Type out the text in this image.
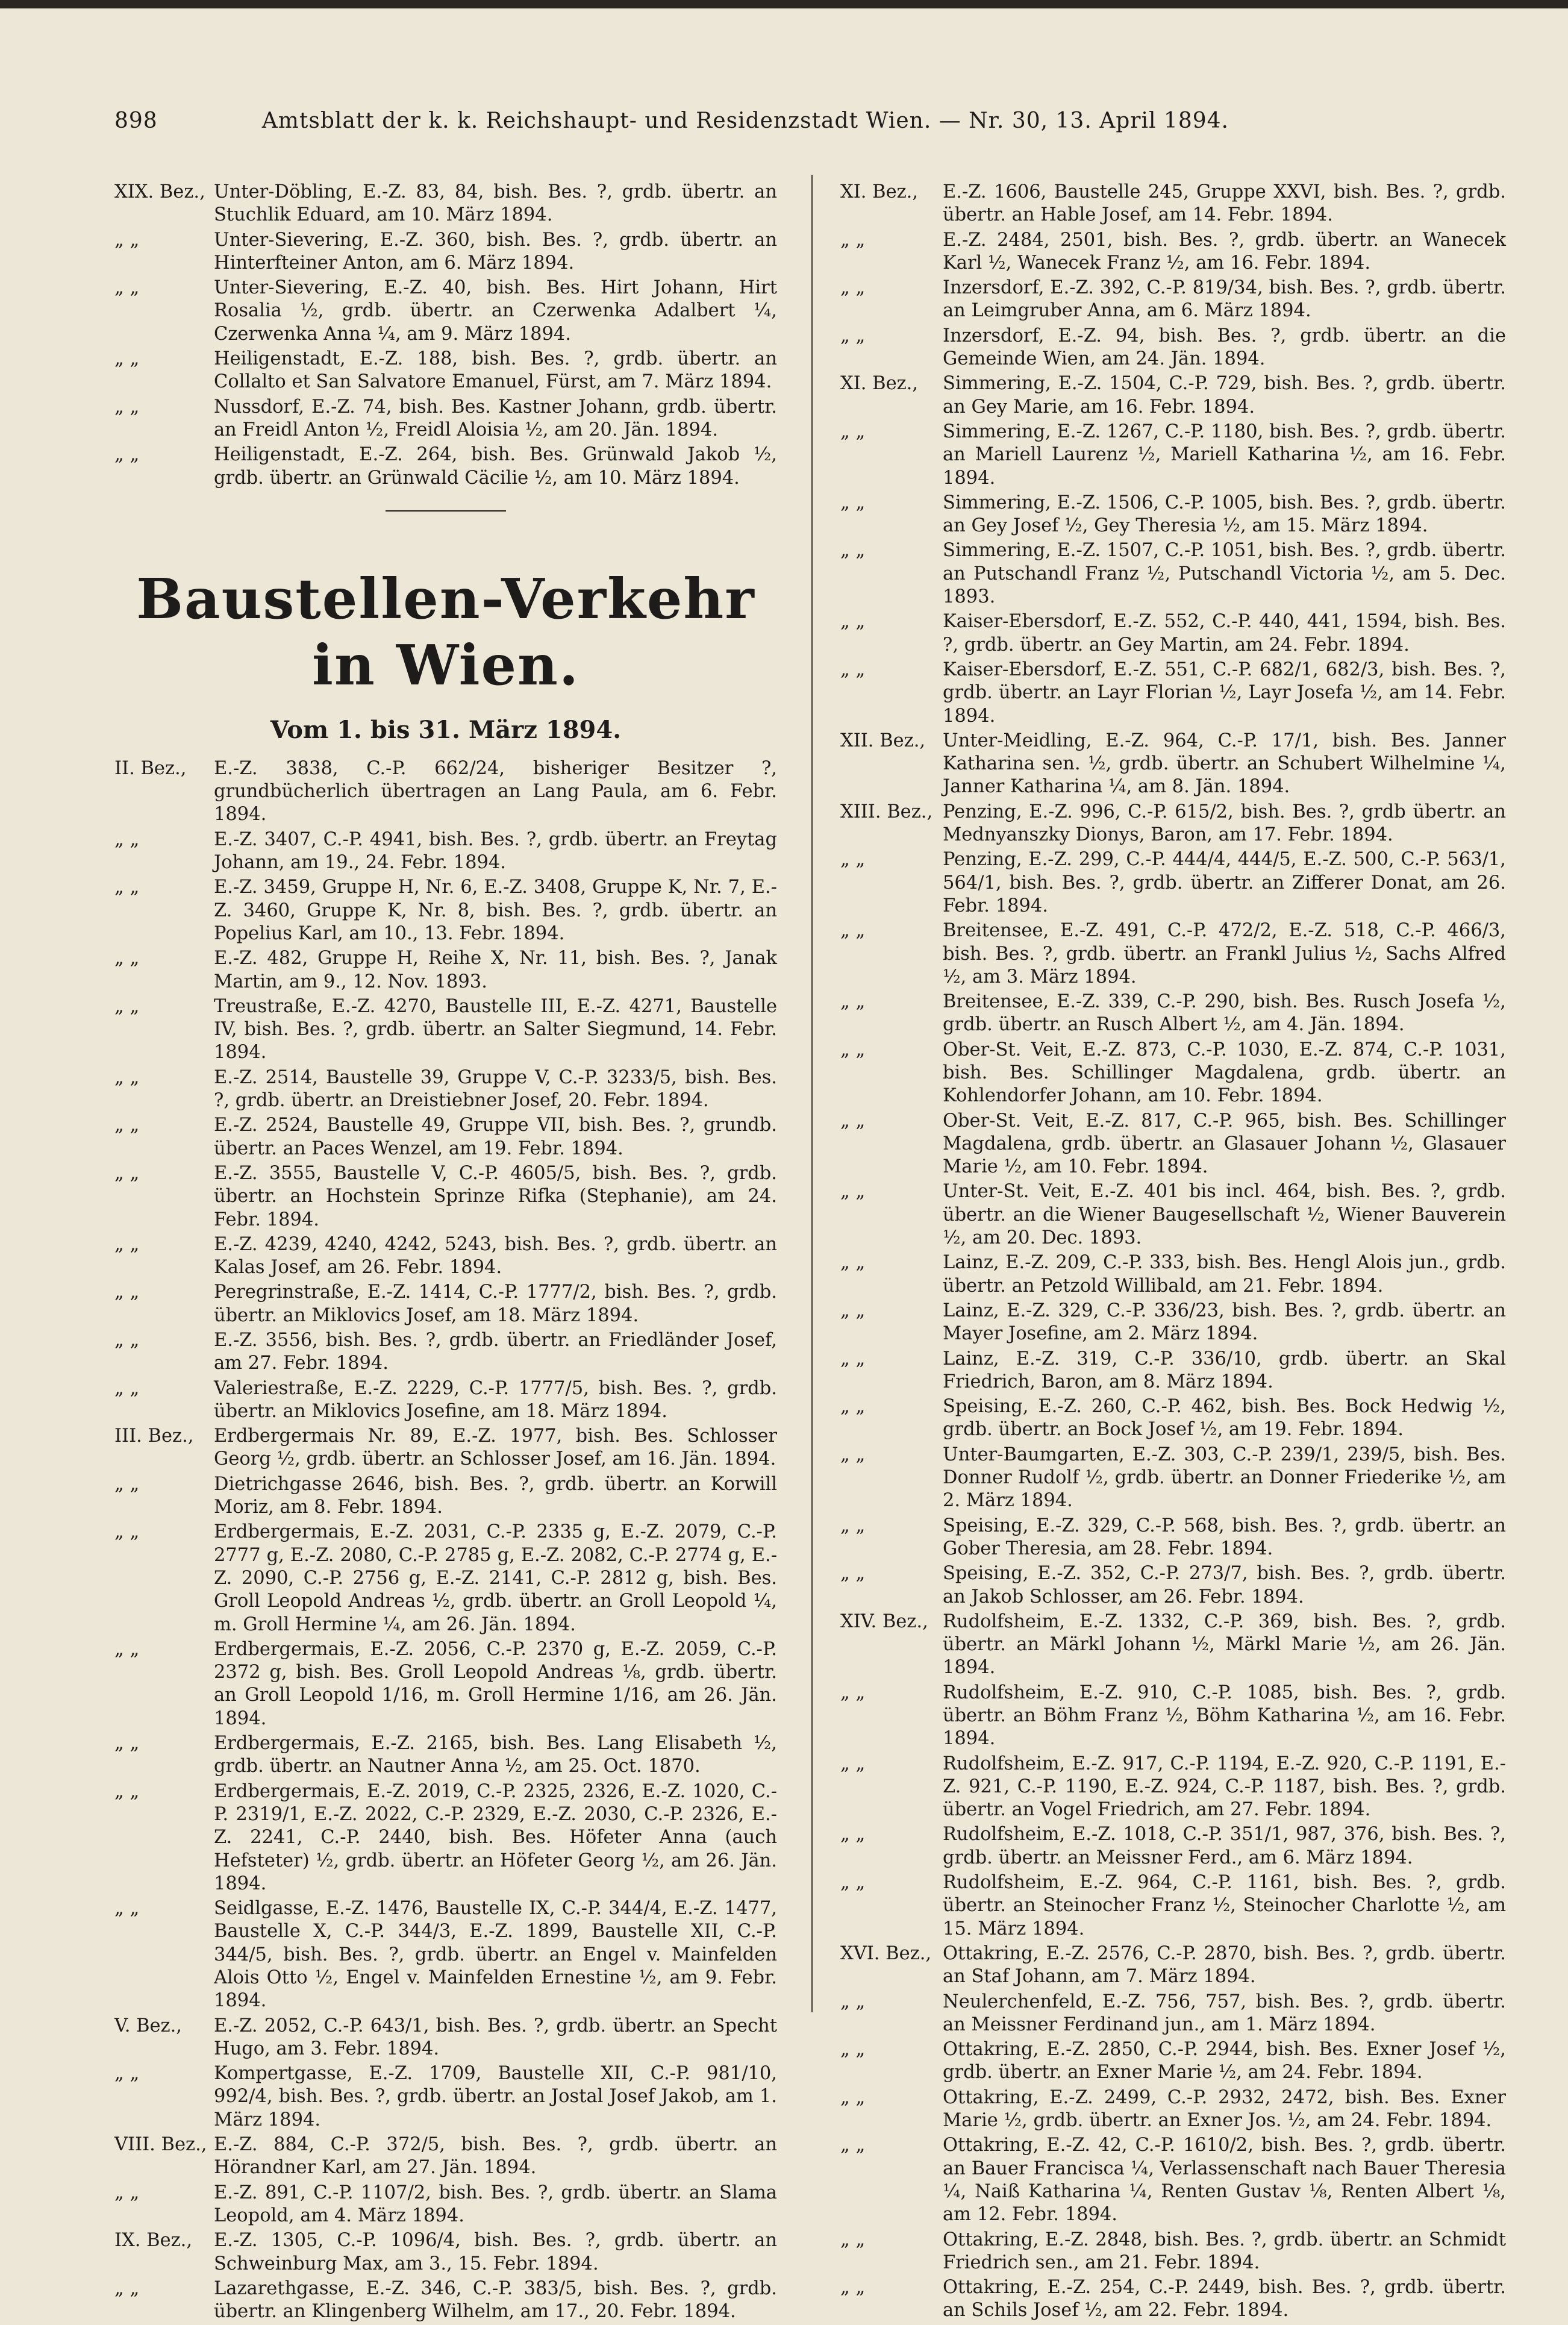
898	Amtsblatt der k. k. Reichshaupt- und Residenzstadt Wien. — Nr. 30, 13. April 1894.
XIX. Bez., Unter-Döbling, E.-Z. 83, 84, bish. Bes. ?, grdb. übertr. an Stuchlik Eduard, am 10. März 1894.
„ „	Unter-Sievering, E.-Z. 360, bish. Bes. ?, grdb. übertr. an Hinterfteiner Anton, am 6. März 1894.
„ „	Unter-Sievering, E.-Z. 40, bish. Bes. Hirt Johann, Hirt Rosalia ½, grdb. übertr. an Czerwenka Adalbert ¼, Czerwenka Anna ¼, am 9. März 1894.
„ „	Heiligenstadt, E.-Z. 188, bish. Bes. ?, grdb. übertr. an Collalto et San Salvatore Emanuel, Fürst, am 7. März 1894.
„ „	Nussdorf, E.-Z. 74, bish. Bes. Kastner Johann, grdb. übertr. an Freidl Anton ½, Freidl Aloisia ½, am 20. Jän. 1894.
„ „	Heiligenstadt, E.-Z. 264, bish. Bes. Grünwald Jakob ½, grdb. übertr. an Grünwald Cäcilie ½, am 10. März 1894.
Baustellen-Verkehr in Wien.
Vom 1. bis 31. März 1894.
II. Bez.,	E.-Z. 3838, C.-P. 662/24, bisheriger Besitzer ?, grundbücherlich übertragen an Lang Paula, am 6. Febr. 1894.
„ „	E.-Z. 3407, C.-P. 4941, bish. Bes. ?, grdb. übertr. an Freytag Johann, am 19., 24. Febr. 1894.
„ „	E.-Z. 3459, Gruppe H, Nr. 6, E.-Z. 3408, Gruppe K, Nr. 7, E.-Z. 3460, Gruppe K, Nr. 8, bish. Bes. ?, grdb. übertr. an Popelius Karl, am 10., 13. Febr. 1894.
„ „	E.-Z. 482, Gruppe H, Reihe X, Nr. 11, bish. Bes. ?, Janak Martin, am 9., 12. Nov. 1893.
„ „	Treustraße, E.-Z. 4270, Baustelle III, E.-Z. 4271, Baustelle IV, bish. Bes. ?, grdb. übertr. an Salter Siegmund, 14. Febr. 1894.
„ „	E.-Z. 2514, Baustelle 39, Gruppe V, C.-P. 3233/5, bish. Bes. ?, grdb. übertr. an Dreistiebner Josef, 20. Febr. 1894.
„ „	E.-Z. 2524, Baustelle 49, Gruppe VII, bish. Bes. ?, grundb. übertr. an Paces Wenzel, am 19. Febr. 1894.
„ „	E.-Z. 3555, Baustelle V, C.-P. 4605/5, bish. Bes. ?, grdb. übertr. an Hochstein Sprinze Rifka (Stephanie), am 24. Febr. 1894.
„ „	E.-Z. 4239, 4240, 4242, 5243, bish. Bes. ?, grdb. übertr. an Kalas Josef, am 26. Febr. 1894.
„ „	Peregrinstraße, E.-Z. 1414, C.-P. 1777/2, bish. Bes. ?, grdb. übertr. an Miklovics Josef, am 18. März 1894.
„ „	E.-Z. 3556, bish. Bes. ?, grdb. übertr. an Friedländer Josef, am 27. Febr. 1894.
„ „	Valeriestraße, E.-Z. 2229, C.-P. 1777/5, bish. Bes. ?, grdb. übertr. an Miklovics Josefine, am 18. März 1894.
III. Bez.,	Erdbergermais Nr. 89, E.-Z. 1977, bish. Bes. Schlosser Georg ½, grdb. übertr. an Schlosser Josef, am 16. Jän. 1894.
„ „	Dietrichgasse 2646, bish. Bes. ?, grdb. übertr. an Korwill Moriz, am 8. Febr. 1894.
„ „	Erdbergermais, E.-Z. 2031, C.-P. 2335 g, E.-Z. 2079, C.-P. 2777 g, E.-Z. 2080, C.-P. 2785 g, E.-Z. 2082, C.-P. 2774 g, E.-Z. 2090, C.-P. 2756 g, E.-Z. 2141, C.-P. 2812 g, bish. Bes. Groll Leopold Andreas ½, grdb. übertr. an Groll Leopold ¼, m. Groll Hermine ¼, am 26. Jän. 1894.
„ „	Erdbergermais, E.-Z. 2056, C.-P. 2370 g, E.-Z. 2059, C.-P. 2372 g, bish. Bes. Groll Leopold Andreas ⅛, grdb. übertr. an Groll Leopold 1/16, m. Groll Hermine 1/16, am 26. Jän. 1894.
„ „	Erdbergermais, E.-Z. 2165, bish. Bes. Lang Elisabeth ½, grdb. übertr. an Nautner Anna ½, am 25. Oct. 1870.
„ „	Erdbergermais, E.-Z. 2019, C.-P. 2325, 2326, E.-Z. 1020, C.-P. 2319/1, E.-Z. 2022, C.-P. 2329, E.-Z. 2030, C.-P. 2326, E.-Z. 2241, C.-P. 2440, bish. Bes. Höfeter Anna (auch Hefsteter) ½, grdb. übertr. an Höfeter Georg ½, am 26. Jän. 1894.
„ „	Seidlgasse, E.-Z. 1476, Baustelle IX, C.-P. 344/4, E.-Z. 1477, Baustelle X, C.-P. 344/3, E.-Z. 1899, Baustelle XII, C.-P. 344/5, bish. Bes. ?, grdb. übertr. an Engel v. Mainfelden Alois Otto ½, Engel v. Mainfelden Ernestine ½, am 9. Febr. 1894.
V. Bez.,	E.-Z. 2052, C.-P. 643/1, bish. Bes. ?, grdb. übertr. an Specht Hugo, am 3. Febr. 1894.
„ „	Kompertgasse, E.-Z. 1709, Baustelle XII, C.-P. 981/10, 992/4, bish. Bes. ?, grdb. übertr. an Jostal Josef Jakob, am 1. März 1894.
VIII. Bez., E.-Z. 884, C.-P. 372/5, bish. Bes. ?, grdb. übertr. an Hörandner Karl, am 27. Jän. 1894.
„ „	E.-Z. 891, C.-P. 1107/2, bish. Bes. ?, grdb. übertr. an Slama Leopold, am 4. März 1894.
IX. Bez.,	E.-Z. 1305, C.-P. 1096/4, bish. Bes. ?, grdb. übertr. an Schweinburg Max, am 3., 15. Febr. 1894.
„ „	Lazarethgasse, E.-Z. 346, C.-P. 383/5, bish. Bes. ?, grdb. übertr. an Klingenberg Wilhelm, am 17., 20. Febr. 1894.
XI. Bez.,	E.-Z. 1606, Baustelle 245, Gruppe XXVI, bish. Bes. ?, grdb. übertr. an Hable Josef, am 14. Febr. 1894.
„ „	E.-Z. 2484, 2501, bish. Bes. ?, grdb. übertr. an Wanecek Karl ½, Wanecek Franz ½, am 16. Febr. 1894.
„ „	Inzersdorf, E.-Z. 392, C.-P. 819/34, bish. Bes. ?, grdb. übertr. an Leimgruber Anna, am 6. März 1894.
„ „	Inzersdorf, E.-Z. 94, bish. Bes. ?, grdb. übertr. an die Gemeinde Wien, am 24. Jän. 1894.
XI. Bez.,	Simmering, E.-Z. 1504, C.-P. 729, bish. Bes. ?, grdb. übertr. an Gey Marie, am 16. Febr. 1894.
„ „	Simmering, E.-Z. 1267, C.-P. 1180, bish. Bes. ?, grdb. übertr. an Mariell Laurenz ½, Mariell Katharina ½, am 16. Febr. 1894.
„ „	Simmering, E.-Z. 1506, C.-P. 1005, bish. Bes. ?, grdb. übertr. an Gey Josef ½, Gey Theresia ½, am 15. März 1894.
„ „	Simmering, E.-Z. 1507, C.-P. 1051, bish. Bes. ?, grdb. übertr. an Putschandl Franz ½, Putschandl Victoria ½, am 5. Dec. 1893.
„ „	Kaiser-Ebersdorf, E.-Z. 552, C.-P. 440, 441, 1594, bish. Bes. ?, grdb. übertr. an Gey Martin, am 24. Febr. 1894.
„ „	Kaiser-Ebersdorf, E.-Z. 551, C.-P. 682/1, 682/3, bish. Bes. ?, grdb. übertr. an Layr Florian ½, Layr Josefa ½, am 14. Febr. 1894.
XII. Bez., Unter-Meidling, E.-Z. 964, C.-P. 17/1, bish. Bes. Janner Katharina sen. ½, grdb. übertr. an Schubert Wilhelmine ¼, Janner Katharina ¼, am 8. Jän. 1894.
XIII. Bez., Penzing, E.-Z. 996, C.-P. 615/2, bish. Bes. ?, grdb übertr. an Mednyanszky Dionys, Baron, am 17. Febr. 1894.
„ „	Penzing, E.-Z. 299, C.-P. 444/4, 444/5, E.-Z. 500, C.-P. 563/1, 564/1, bish. Bes. ?, grdb. übertr. an Zifferer Donat, am 26. Febr. 1894.
„ „	Breitensee, E.-Z. 491, C.-P. 472/2, E.-Z. 518, C.-P. 466/3, bish. Bes. ?, grdb. übertr. an Frankl Julius ½, Sachs Alfred ½, am 3. März 1894.
„ „	Breitensee, E.-Z. 339, C.-P. 290, bish. Bes. Rusch Josefa ½, grdb. übertr. an Rusch Albert ½, am 4. Jän. 1894.
„ „	Ober-St. Veit, E.-Z. 873, C.-P. 1030, E.-Z. 874, C.-P. 1031, bish. Bes. Schillinger Magdalena, grdb. übertr. an Kohlendorfer Johann, am 10. Febr. 1894.
„ „	Ober-St. Veit, E.-Z. 817, C.-P. 965, bish. Bes. Schillinger Magdalena, grdb. übertr. an Glasauer Johann ½, Glasauer Marie ½, am 10. Febr. 1894.
„ „	Unter-St. Veit, E.-Z. 401 bis incl. 464, bish. Bes. ?, grdb. übertr. an die Wiener Baugesellschaft ½, Wiener Bauverein ½, am 20. Dec. 1893.
„ „	Lainz, E.-Z. 209, C.-P. 333, bish. Bes. Hengl Alois jun., grdb. übertr. an Petzold Willibald, am 21. Febr. 1894.
„ „	Lainz, E.-Z. 329, C.-P. 336/23, bish. Bes. ?, grdb. übertr. an Mayer Josefine, am 2. März 1894.
„ „	Lainz, E.-Z. 319, C.-P. 336/10, grdb. übertr. an Skal Friedrich, Baron, am 8. März 1894.
„ „	Speising, E.-Z. 260, C.-P. 462, bish. Bes. Bock Hedwig ½, grdb. übertr. an Bock Josef ½, am 19. Febr. 1894.
„ „	Unter-Baumgarten, E.-Z. 303, C.-P. 239/1, 239/5, bish. Bes. Donner Rudolf ½, grdb. übertr. an Donner Friederike ½, am 2. März 1894.
„ „	Speising, E.-Z. 329, C.-P. 568, bish. Bes. ?, grdb. übertr. an Gober Theresia, am 28. Febr. 1894.
„ „	Speising, E.-Z. 352, C.-P. 273/7, bish. Bes. ?, grdb. übertr. an Jakob Schlosser, am 26. Febr. 1894.
XIV. Bez., Rudolfsheim, E.-Z. 1332, C.-P. 369, bish. Bes. ?, grdb. übertr. an Märkl Johann ½, Märkl Marie ½, am 26. Jän. 1894.
„ „	Rudolfsheim, E.-Z. 910, C.-P. 1085, bish. Bes. ?, grdb. übertr. an Böhm Franz ½, Böhm Katharina ½, am 16. Febr. 1894.
„ „	Rudolfsheim, E.-Z. 917, C.-P. 1194, E.-Z. 920, C.-P. 1191, E.-Z. 921, C.-P. 1190, E.-Z. 924, C.-P. 1187, bish. Bes. ?, grdb. übertr. an Vogel Friedrich, am 27. Febr. 1894.
„ „	Rudolfsheim, E.-Z. 1018, C.-P. 351/1, 987, 376, bish. Bes. ?, grdb. übertr. an Meissner Ferd., am 6. März 1894.
„ „	Rudolfsheim, E.-Z. 964, C.-P. 1161, bish. Bes. ?, grdb. übertr. an Steinocher Franz ½, Steinocher Charlotte ½, am 15. März 1894.
XVI. Bez., Ottakring, E.-Z. 2576, C.-P. 2870, bish. Bes. ?, grdb. übertr. an Staf Johann, am 7. März 1894.
„ „	Neulerchenfeld, E.-Z. 756, 757, bish. Bes. ?, grdb. übertr. an Meissner Ferdinand jun., am 1. März 1894.
„ „	Ottakring, E.-Z. 2850, C.-P. 2944, bish. Bes. Exner Josef ½, grdb. übertr. an Exner Marie ½, am 24. Febr. 1894.
„ „	Ottakring, E.-Z. 2499, C.-P. 2932, 2472, bish. Bes. Exner Marie ½, grdb. übertr. an Exner Jos. ½, am 24. Febr. 1894.
„ „	Ottakring, E.-Z. 42, C.-P. 1610/2, bish. Bes. ?, grdb. übertr. an Bauer Francisca ¼, Verlassenschaft nach Bauer Theresia ¼, Naiß Katharina ¼, Renten Gustav ⅛, Renten Albert ⅛, am 12. Febr. 1894.
„ „	Ottakring, E.-Z. 2848, bish. Bes. ?, grdb. übertr. an Schmidt Friedrich sen., am 21. Febr. 1894.
„ „	Ottakring, E.-Z. 254, C.-P. 2449, bish. Bes. ?, grdb. übertr. an Schils Josef ½, am 22. Febr. 1894.
